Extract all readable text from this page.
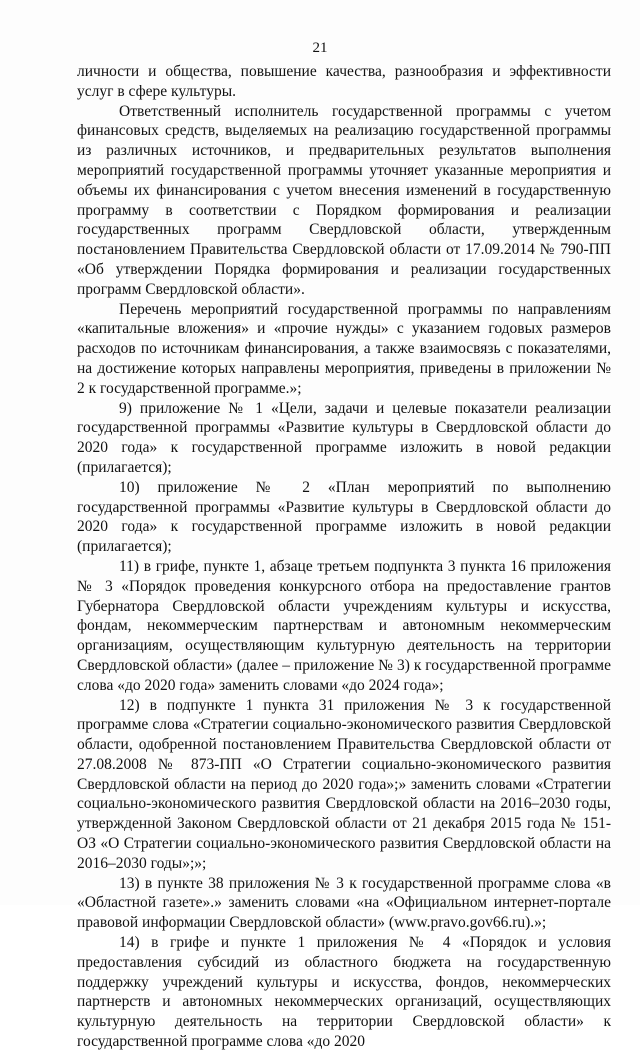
21

личности и общества, повышение качества, разнообразия и эффективности услуг в сфере культуры.

Ответственный исполнитель государственной программы с учетом финансовых средств, выделяемых на реализацию государственной программы из различных источников, и предварительных результатов выполнения мероприятий государственной программы уточняет указанные мероприятия и объемы их финансирования с учетом внесения изменений в государственную программу в соответствии с Порядком формирования и реализации государственных программ Свердловской области, утвержденным постановлением Правительства Свердловской области от 17.09.2014 № 790-ПП «Об утверждении Порядка формирования и реализации государственных программ Свердловской области».

Перечень мероприятий государственной программы по направлениям «капитальные вложения» и «прочие нужды» с указанием годовых размеров расходов по источникам финансирования, а также взаимосвязь с показателями, на достижение которых направлены мероприятия, приведены в приложении № 2 к государственной программе.»;

9) приложение № 1 «Цели, задачи и целевые показатели реализации государственной программы «Развитие культуры в Свердловской области до 2020 года» к государственной программе изложить в новой редакции (прилагается);

10) приложение № 2 «План мероприятий по выполнению государственной программы «Развитие культуры в Свердловской области до 2020 года» к государственной программе изложить в новой редакции (прилагается);

11) в грифе, пункте 1, абзаце третьем подпункта 3 пункта 16 приложения № 3 «Порядок проведения конкурсного отбора на предоставление грантов Губернатора Свердловской области учреждениям культуры и искусства, фондам, некоммерческим партнерствам и автономным некоммерческим организациям, осуществляющим культурную деятельность на территории Свердловской области» (далее – приложение № 3) к государственной программе слова «до 2020 года» заменить словами «до 2024 года»;

12) в подпункте 1 пункта 31 приложения № 3 к государственной программе слова «Стратегии социально-экономического развития Свердловской области, одобренной постановлением Правительства Свердловской области от 27.08.2008 № 873-ПП «О Стратегии социально-экономического развития Свердловской области на период до 2020 года»;» заменить словами «Стратегии социально-экономического развития Свердловской области на 2016–2030 годы, утвержденной Законом Свердловской области от 21 декабря 2015 года № 151-ОЗ «О Стратегии социально-экономического развития Свердловской области на 2016–2030 годы»;»;

13) в пункте 38 приложения № 3 к государственной программе слова «в «Областной газете».» заменить словами «на «Официальном интернет-портале правовой информации Свердловской области» (www.pravo.gov66.ru).»;

14) в грифе и пункте 1 приложения № 4 «Порядок и условия предоставления субсидий из областного бюджета на государственную поддержку учреждений культуры и искусства, фондов, некоммерческих партнерств и автономных некоммерческих организаций, осуществляющих культурную деятельность на территории Свердловской области» к государственной программе слова «до 2020
